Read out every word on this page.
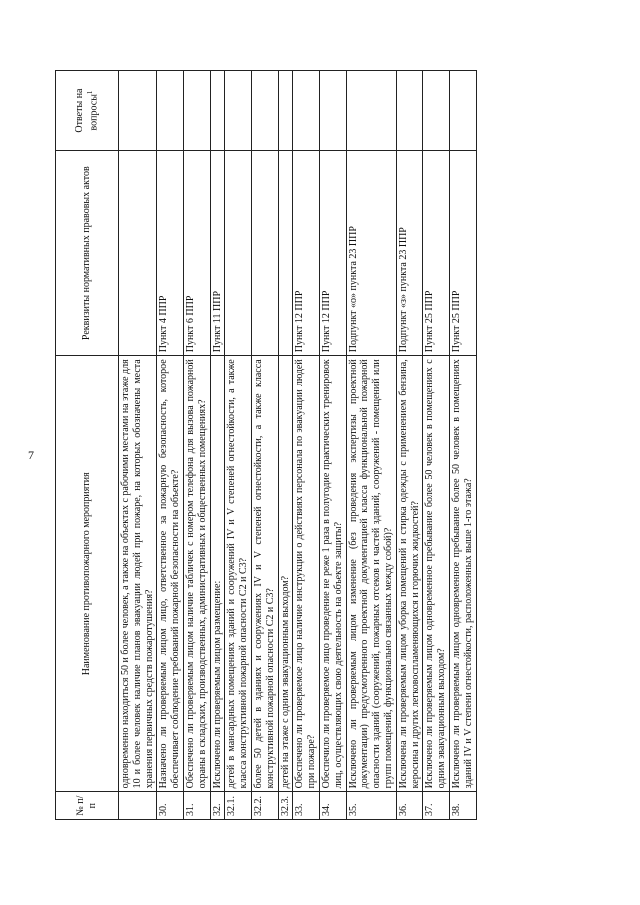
7
№ п/п	Наименование противопожарного мероприятия	Реквизиты нормативных правовых актов	Ответы на вопросы$^1$
	одновременно находиться 50 и более человек, а также на объектах с рабочими местами на этаже для 10 и более человек наличие планов эвакуации людей при пожаре, на которых обозначены места хранения первичных средств пожаротушения?		
30.	Назначено ли проверяемым лицом лицо, ответственное за пожарную безопасность, которое обеспечивает соблюдение требований пожарной безопасности на объекте?	Пункт 4 ППР	
31.	Обеспечено ли проверяемым лицом наличие табличек с номером телефона для вызова пожарной охраны в складских, производственных, административных и общественных помещениях?	Пункт 6 ППР	
32.	Исключено ли проверяемым лицом размещение:	Пункт 11 ППР	
32.1.	детей в мансардных помещениях зданий и сооружений IV и V степеней огнестойкости, а также класса конструктивной пожарной опасности С2 и С3?		
32.2.	более 50 детей в зданиях и сооружениях IV и V степеней огнестойкости, а также класса конструктивной пожарной опасности С2 и С3?		
32.3.	детей на этаже с одним эвакуационным выходом?		
33.	Обеспечено ли проверяемое лицо наличие инструкции о действиях персонала по эвакуации людей при пожаре?	Пункт 12 ППР	
34.	Обеспечило ли проверяемое лицо проведение не реже 1 раза в полугодие практических тренировок лиц, осуществляющих свою деятельность на объекте защиты?	Пункт 12 ППР	
35.	Исключено ли проверяемым лицом изменение (без проведения экспертизы проектной документации) предусмотренного проектной документацией класса функциональной пожарной опасности зданий (сооружений, пожарных отсеков и частей зданий, сооружений - помещений или групп помещений, функционально связанных между собой)?	Подпункт «о» пункта 23 ППР	
36.	Исключена ли проверяемым лицом уборка помещений и стирка одежды с применением бензина, керосина и других легковоспламеняющихся и горючих жидкостей?	Подпункт «з» пункта 23 ППР	
37.	Исключено ли проверяемым лицом одновременное пребывание более 50 человек в помещениях с одним эвакуационным выходом?	Пункт 25 ППР	
38.	Исключено ли проверяемым лицом одновременное пребывание более 50 человек в помещениях зданий IV и V степени огнестойкости, расположенных выше 1-го этажа?	Пункт 25 ППР	
